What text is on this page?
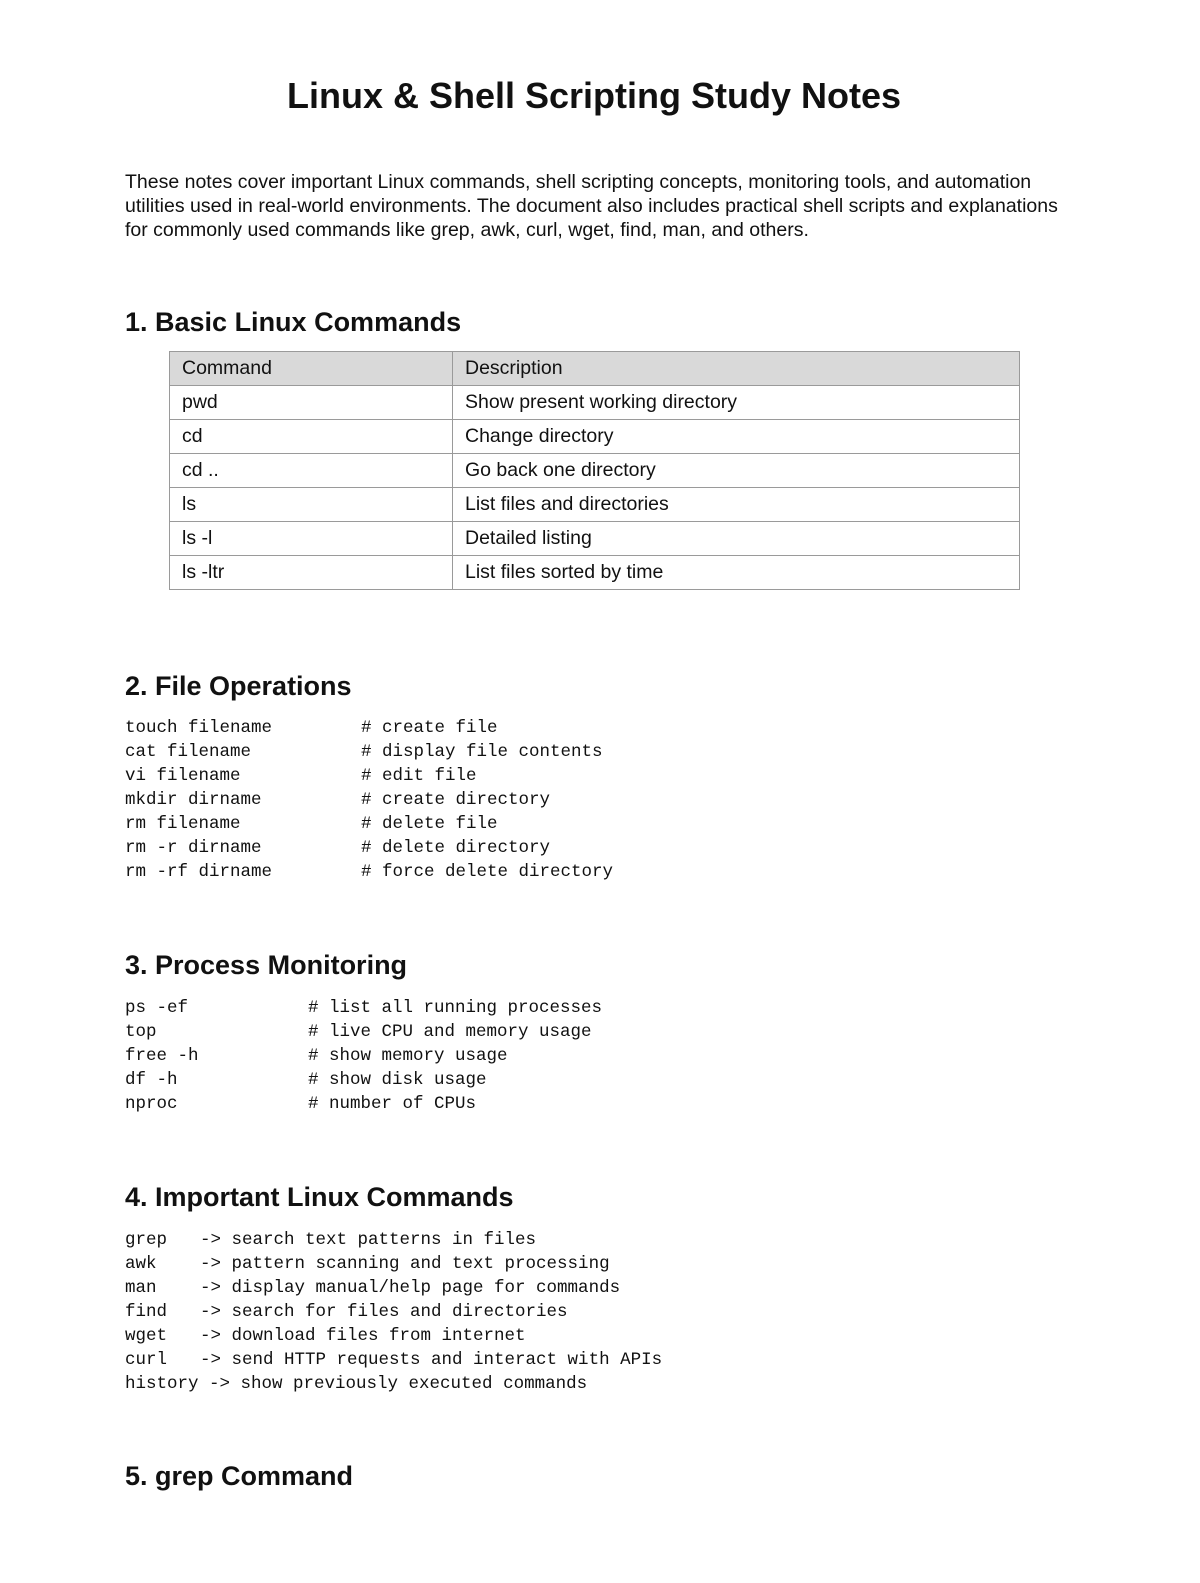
Linux & Shell Scripting Study Notes

These notes cover important Linux commands, shell scripting concepts, monitoring tools, and automation utilities used in real-world environments. The document also includes practical shell scripts and explanations for commonly used commands like grep, awk, curl, wget, find, man, and others.

1. Basic Linux Commands
Command	Description
pwd	Show present working directory
cd	Change directory
cd ..	Go back one directory
ls	List files and directories
ls -l	Detailed listing
ls -ltr	List files sorted by time
2. File Operations
touch filename	# create file
cat filename	# display file contents
vi filename	# edit file
mkdir dirname	# create directory
rm filename	# delete file
rm -r dirname	# delete directory
rm -rf dirname	# force delete directory
3. Process Monitoring
ps -ef	# list all running processes
top	# live CPU and memory usage
free -h	# show memory usage
df -h	# show disk usage
nproc	# number of CPUs
4. Important Linux Commands
grep	-> search text patterns in files
awk	-> pattern scanning and text processing
man	-> display manual/help page for commands
find	-> search for files and directories
wget	-> download files from internet
curl	-> send HTTP requests and interact with APIs
history -> show previously executed commands
5. grep Command
